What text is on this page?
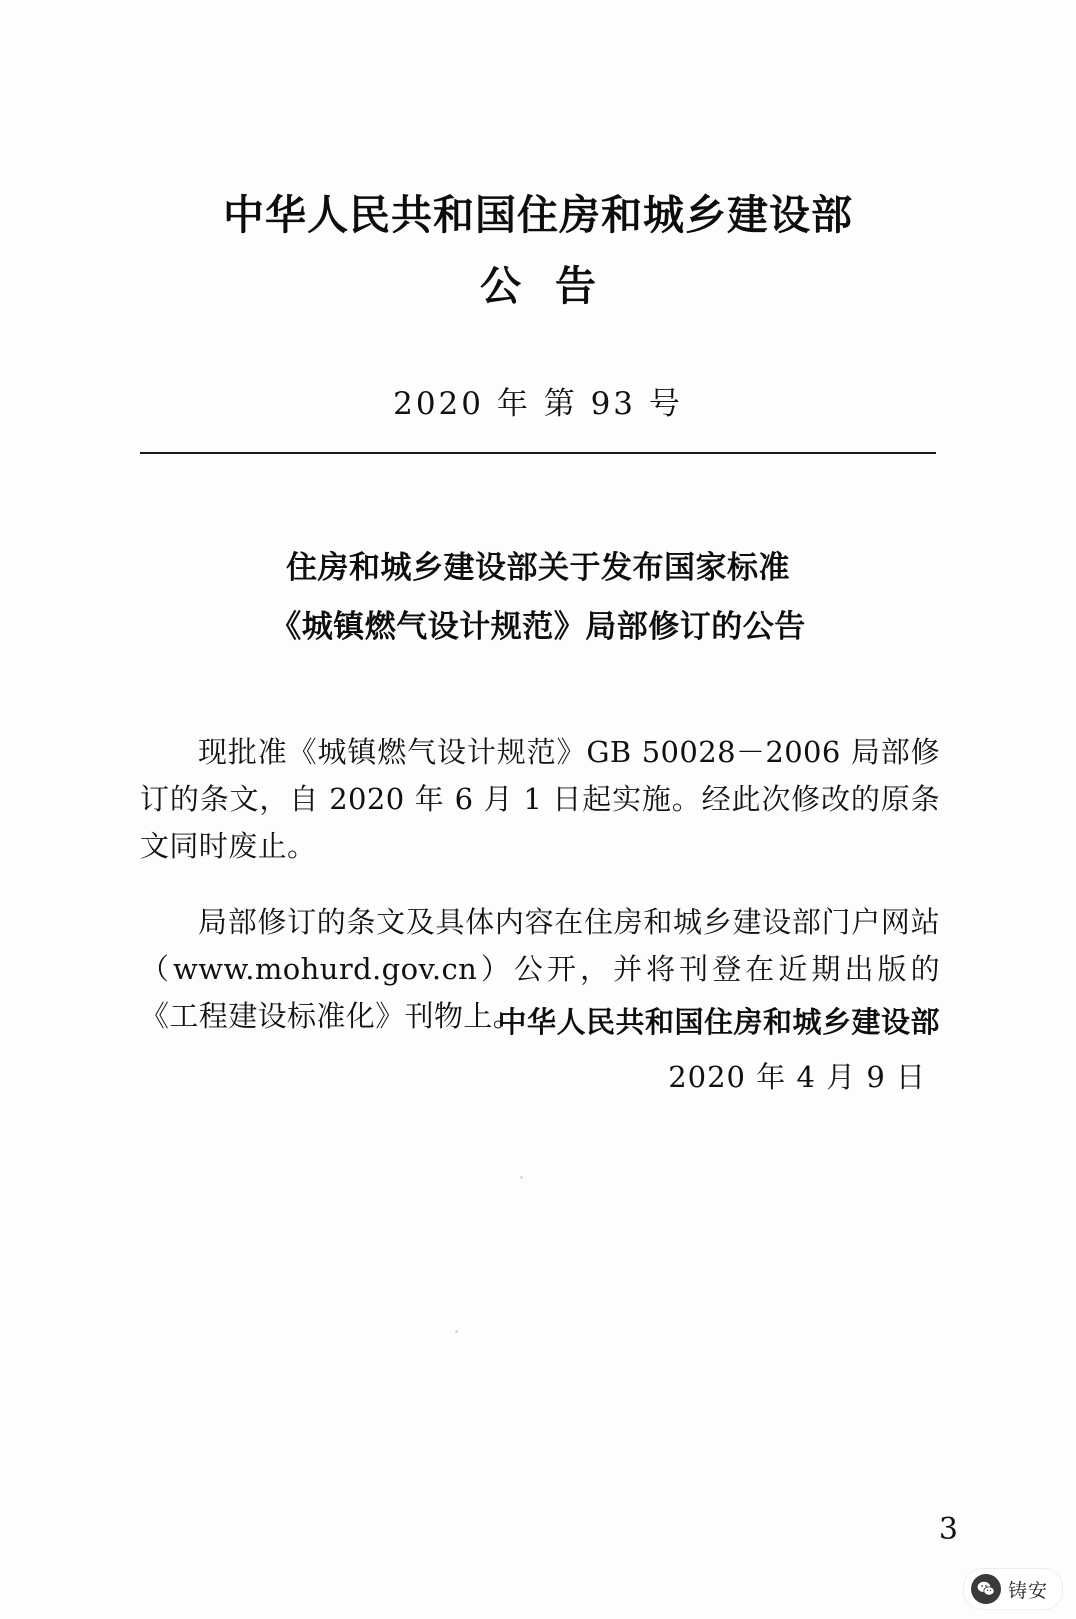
中华人民共和国住房和城乡建设部
公告
2020 年 第 93 号
住房和城乡建设部关于发布国家标准
《城镇燃气设计规范》局部修订的公告

现批准《城镇燃气设计规范》GB 50028－2006 局部修订的条文，自 2020 年 6 月 1 日起实施。经此次修改的原条文同时废止。

局部修订的条文及具体内容在住房和城乡建设部门户网站（www.mohurd.gov.cn）公开，并将刊登在近期出版的《工程建设标准化》刊物上。

中华人民共和国住房和城乡建设部
2020 年 4 月 9 日
3
铸安
